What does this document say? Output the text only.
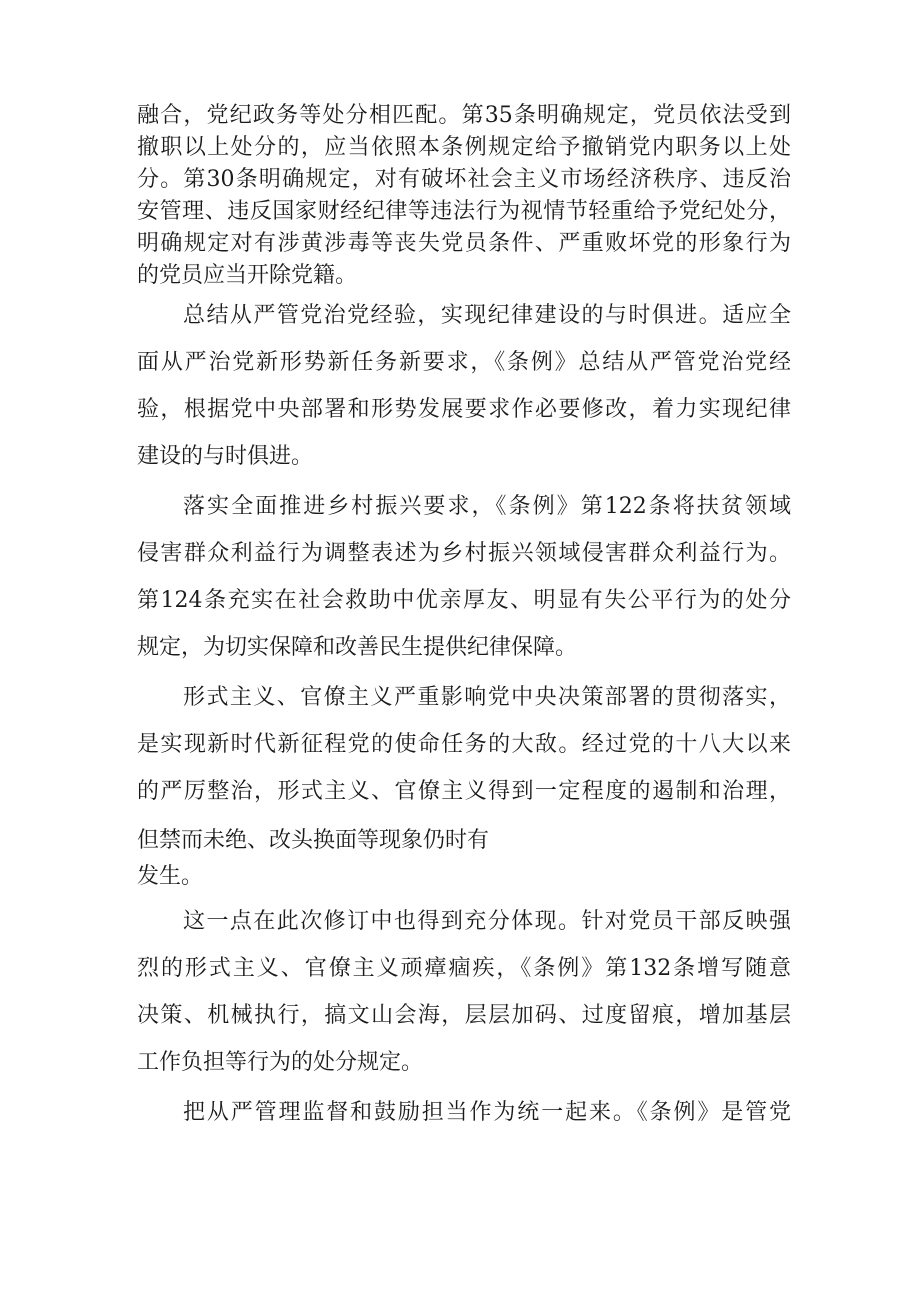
融合，党纪政务等处分相匹配。第35条明确规定，党员依法受到
撤职以上处分的，应当依照本条例规定给予撤销党内职务以上处
分。第30条明确规定，对有破坏社会主义市场经济秩序、违反治
安管理、违反国家财经纪律等违法行为视情节轻重给予党纪处分，
明确规定对有涉黄涉毒等丧失党员条件、严重败坏党的形象行为
的党员应当开除党籍。
总结从严管党治党经验，实现纪律建设的与时俱进。适应全
面从严治党新形势新任务新要求，《条例》总结从严管党治党经
验，根据党中央部署和形势发展要求作必要修改，着力实现纪律
建设的与时俱进。
落实全面推进乡村振兴要求，《条例》第122条将扶贫领域
侵害群众利益行为调整表述为乡村振兴领域侵害群众利益行为。
第124条充实在社会救助中优亲厚友、明显有失公平行为的处分
规定，为切实保障和改善民生提供纪律保障。
形式主义、官僚主义严重影响党中央决策部署的贯彻落实，
是实现新时代新征程党的使命任务的大敌。经过党的十八大以来
的严厉整治，形式主义、官僚主义得到一定程度的遏制和治理，
但禁而未绝、改头换面等现象仍时有
发生。
这一点在此次修订中也得到充分体现。针对党员干部反映强
烈的形式主义、官僚主义顽瘴痼疾，《条例》第132条增写随意
决策、机械执行，搞文山会海，层层加码、过度留痕，增加基层
工作负担等行为的处分规定。
把从严管理监督和鼓励担当作为统一起来。《条例》是管党
